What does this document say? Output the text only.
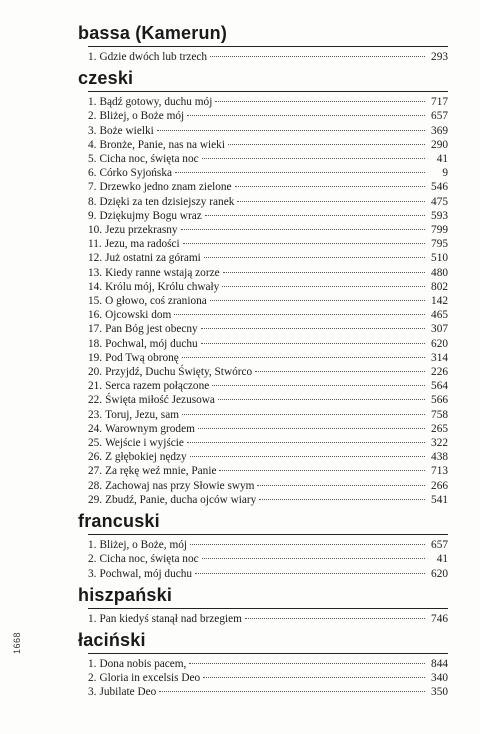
bassa (Kamerun)
1. Gdzie dwóch lub trzech	293
czeski
1. Bądź gotowy, duchu mój	717
2. Bliżej, o Boże mój	657
3. Boże wielki	369
4. Bronże, Panie, nas na wieki	290
5. Cicha noc, święta noc	41
6. Córko Syjońska	9
7. Drzewko jedno znam zielone	546
8. Dzięki za ten dzisiejszy ranek	475
9. Dziękujmy Bogu wraz	593
10. Jezu przekrasny	799
11. Jezu, ma radości	795
12. Już ostatni za górami	510
13. Kiedy ranne wstają zorze	480
14. Królu mój, Królu chwały	802
15. O głowo, coś zraniona	142
16. Ojcowski dom	465
17. Pan Bóg jest obecny	307
18. Pochwal, mój duchu	620
19. Pod Twą obronę	314
20. Przyjdź, Duchu Święty, Stwórco	226
21. Serca razem połączone	564
22. Święta miłość Jezusowa	566
23. Toruj, Jezu, sam	758
24. Warownym grodem	265
25. Wejście i wyjście	322
26. Z głębokiej nędzy	438
27. Za rękę weź mnie, Panie	713
28. Zachowaj nas przy Słowie swym	266
29. Zbudź, Panie, ducha ojców wiary	541
francuski
1. Bliżej, o Boże, mój	657
2. Cicha noc, święta noc	41
3. Pochwal, mój duchu	620
hiszpański
1. Pan kiedyś stanął nad brzegiem	746
łaciński
1. Dona nobis pacem,	844
2. Gloria in excelsis Deo	340
3. Jubilate Deo	350
1668
